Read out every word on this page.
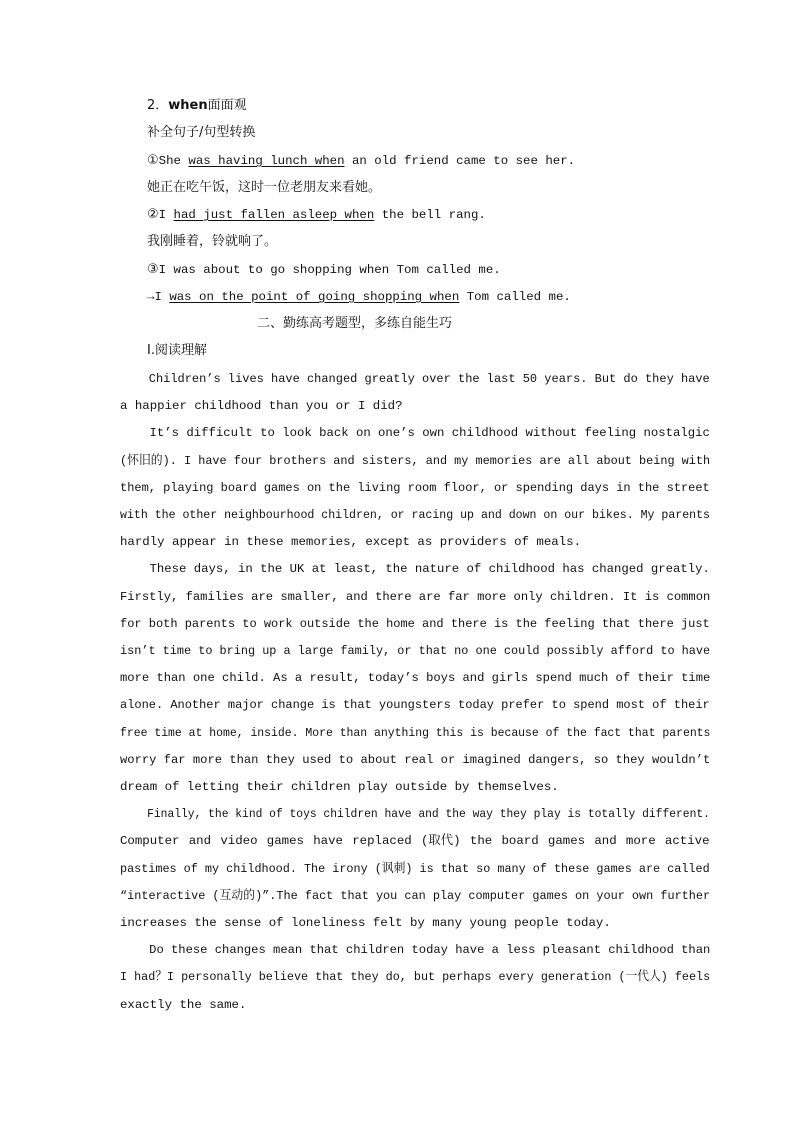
2．when面面观
补全句子/句型转换
①She was having lunch when an old friend came to see her.
她正在吃午饭，这时一位老朋友来看她。
②I had just fallen asleep when the bell rang.
我刚睡着，铃就响了。
③I was about to go shopping when Tom called me.
→I was on the point of going shopping when Tom called me.
二、勤练高考题型，多练自能生巧
Ⅰ.阅读理解
Children’s lives have changed greatly over the last 50 years. But do they have
a happier childhood than you or I did?
It’s difficult to look back on one’s own childhood without feeling nostalgic
(怀旧的). I have four brothers and sisters, and my memories are all about being with
them, playing board games on the living room floor, or spending days in the street
with the other neighbourhood children, or racing up and down on our bikes. My parents
hardly appear in these memories, except as providers of meals.
These days, in the UK at least, the nature of childhood has changed greatly.
Firstly, families are smaller, and there are far more only children. It is common
for both parents to work outside the home and there is the feeling that there just
isn’t time to bring up a large family, or that no one could possibly afford to have
more than one child. As a result, today’s boys and girls spend much of their time
alone. Another major change is that youngsters today prefer to spend most of their
free time at home, inside. More than anything this is because of the fact that parents
worry far more than they used to about real or imagined dangers, so they wouldn’t
dream of letting their children play outside by themselves.
Finally, the kind of toys children have and the way they play is totally different.
Computer and video games have replaced (取代) the board games and more active
pastimes of my childhood. The irony (讽刺) is that so many of these games are called
“interactive (互动的)”.The fact that you can play computer games on your own further
increases the sense of loneliness felt by many young people today.
Do these changes mean that children today have a less pleasant childhood than
I had？I personally believe that they do, but perhaps every generation (一代人) feels
exactly the same.
